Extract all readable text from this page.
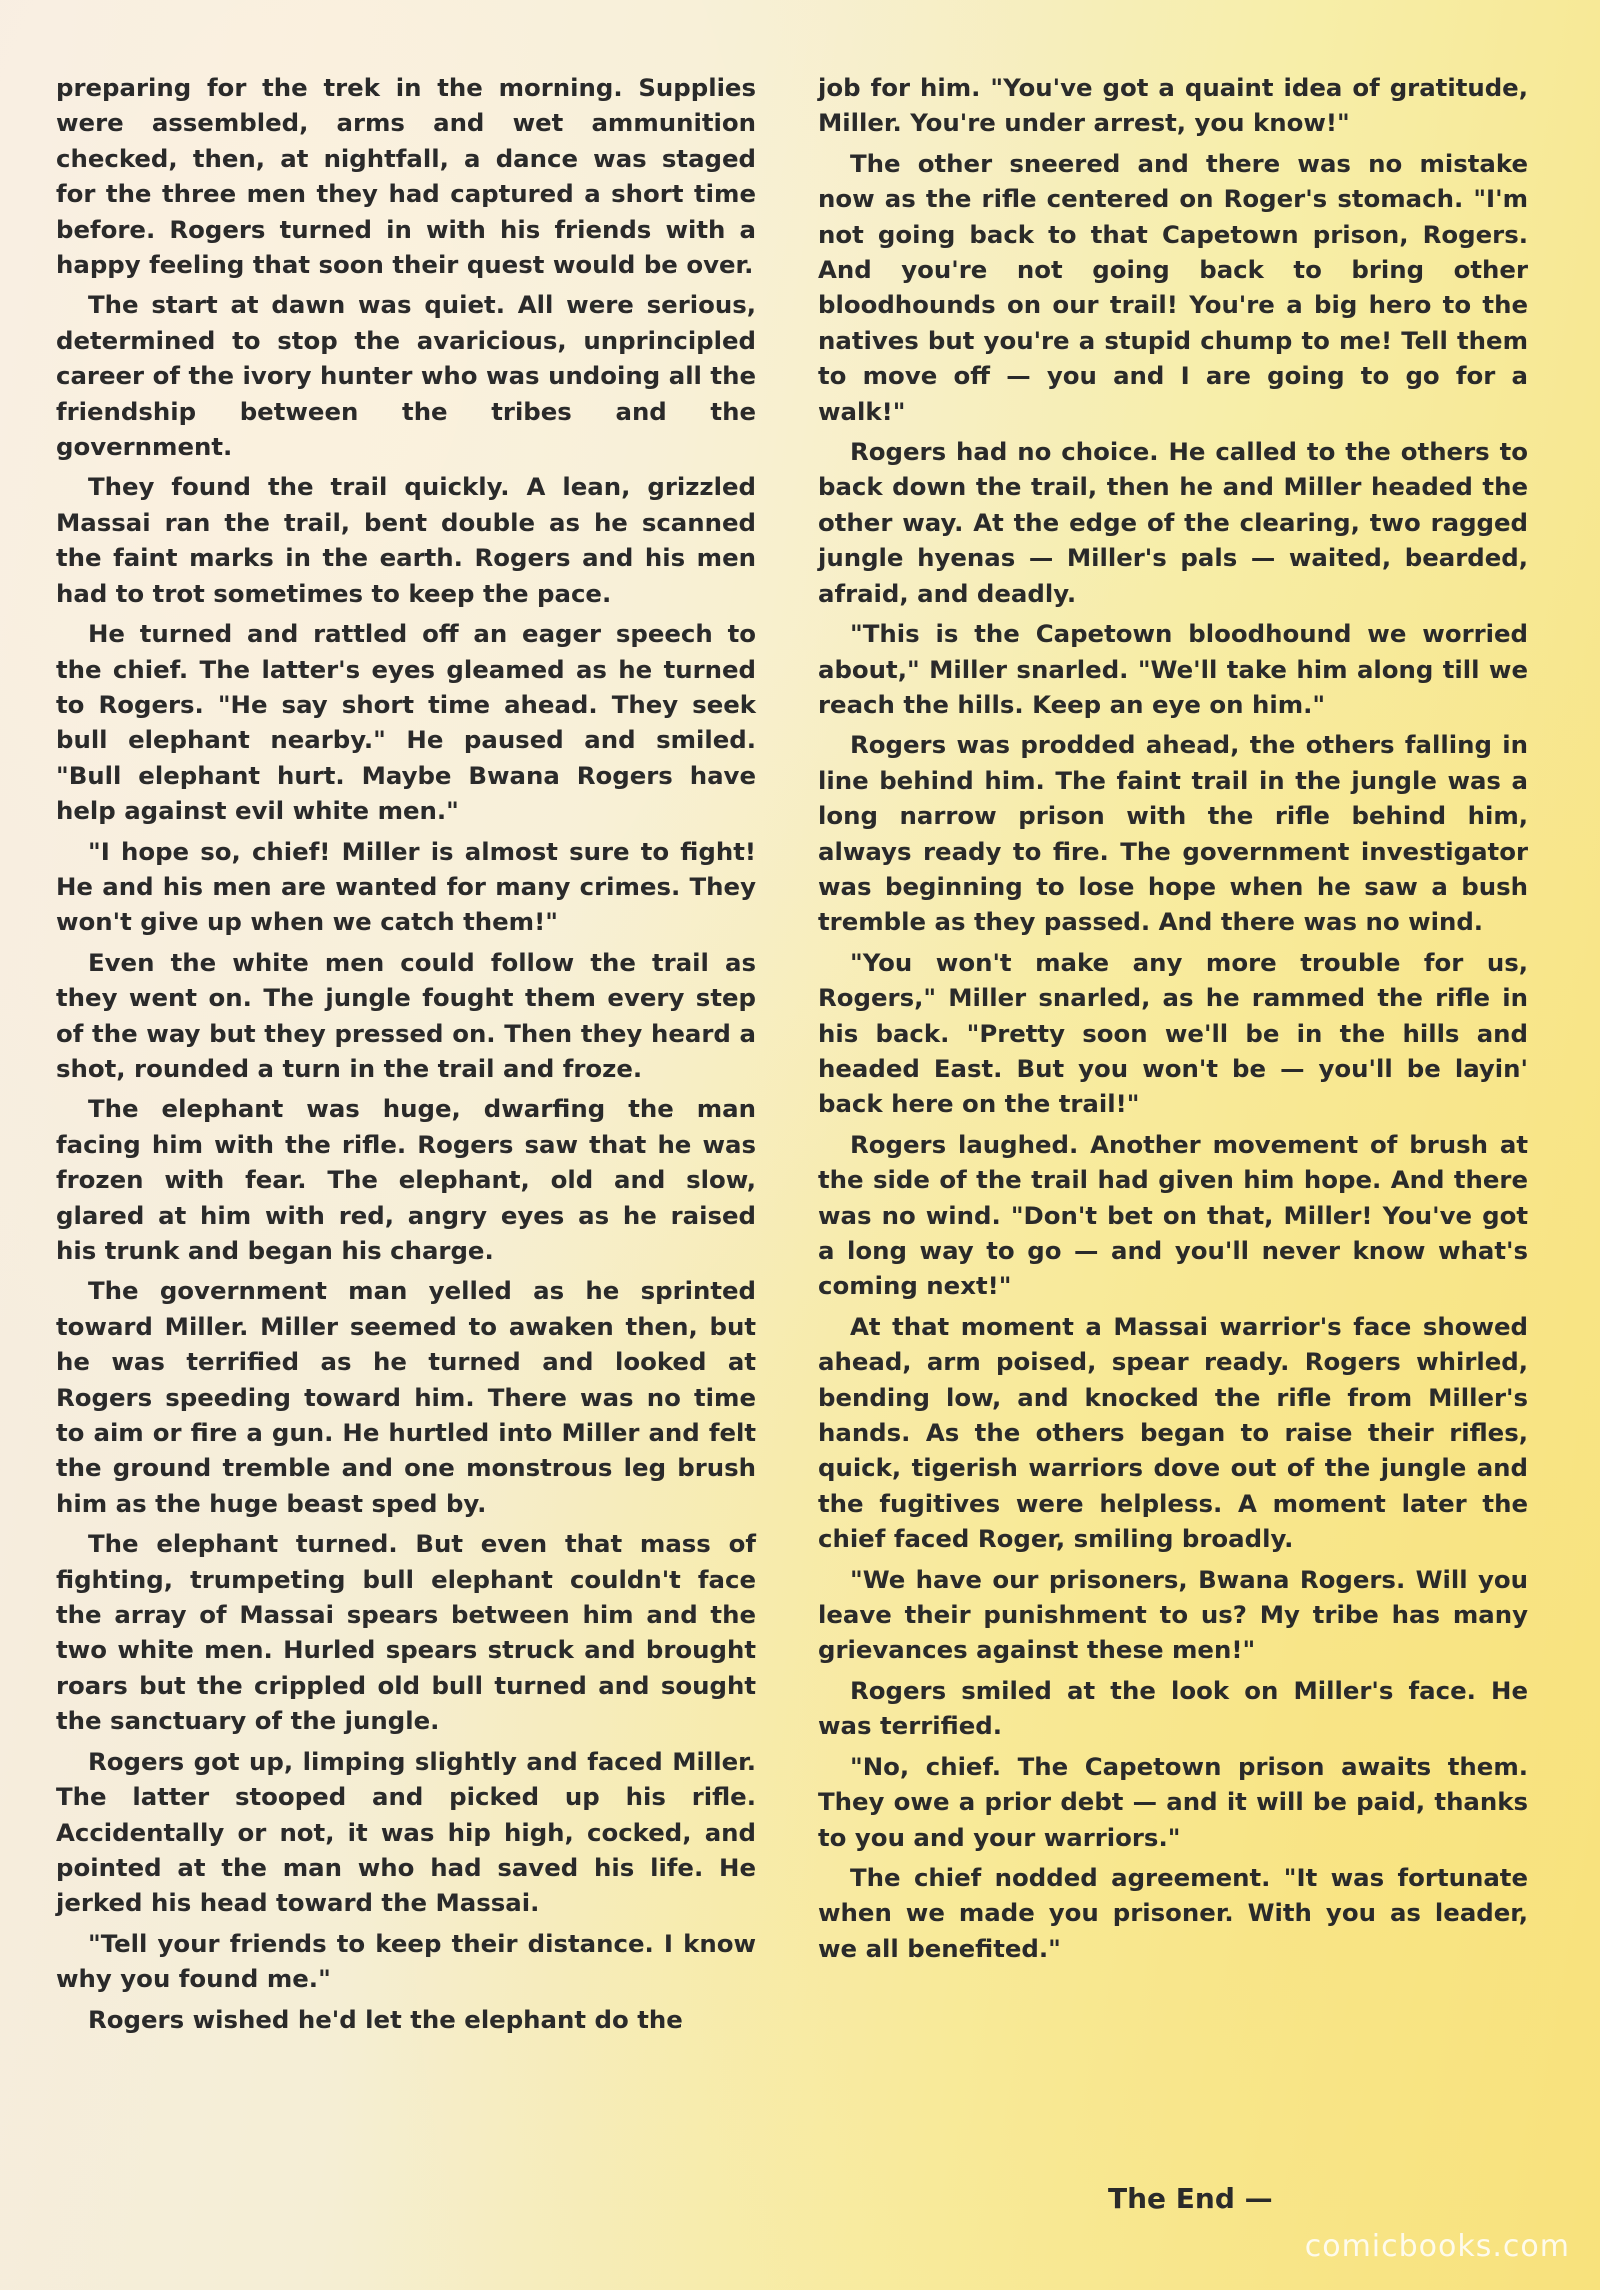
preparing for the trek in the morning. Supplies were assembled, arms and wet ammunition checked, then, at nightfall, a dance was staged for the three men they had captured a short time before. Rogers turned in with his friends with a happy feeling that soon their quest would be over.

The start at dawn was quiet. All were serious, determined to stop the avaricious, unprincipled career of the ivory hunter who was undoing all the friendship between the tribes and the government.

They found the trail quickly. A lean, grizzled Massai ran the trail, bent double as he scanned the faint marks in the earth. Rogers and his men had to trot sometimes to keep the pace.

He turned and rattled off an eager speech to the chief. The latter's eyes gleamed as he turned to Rogers. "He say short time ahead. They seek bull elephant nearby." He paused and smiled. "Bull elephant hurt. Maybe Bwana Rogers have help against evil white men."

"I hope so, chief! Miller is almost sure to fight! He and his men are wanted for many crimes. They won't give up when we catch them!"

Even the white men could follow the trail as they went on. The jungle fought them every step of the way but they pressed on. Then they heard a shot, rounded a turn in the trail and froze.

The elephant was huge, dwarfing the man facing him with the rifle. Rogers saw that he was frozen with fear. The elephant, old and slow, glared at him with red, angry eyes as he raised his trunk and began his charge.

The government man yelled as he sprinted toward Miller. Miller seemed to awaken then, but he was terrified as he turned and looked at Rogers speeding toward him. There was no time to aim or fire a gun. He hurtled into Miller and felt the ground tremble and one monstrous leg brush him as the huge beast sped by.

The elephant turned. But even that mass of fighting, trumpeting bull elephant couldn't face the array of Massai spears between him and the two white men. Hurled spears struck and brought roars but the crippled old bull turned and sought the sanctuary of the jungle.

Rogers got up, limping slightly and faced Miller. The latter stooped and picked up his rifle. Accidentally or not, it was hip high, cocked, and pointed at the man who had saved his life. He jerked his head toward the Massai.

"Tell your friends to keep their distance. I know why you found me."

Rogers wished he'd let the elephant do the

job for him. "You've got a quaint idea of gratitude, Miller. You're under arrest, you know!"

The other sneered and there was no mistake now as the rifle centered on Roger's stomach. "I'm not going back to that Capetown prison, Rogers. And you're not going back to bring other bloodhounds on our trail! You're a big hero to the natives but you're a stupid chump to me! Tell them to move off — you and I are going to go for a walk!"

Rogers had no choice. He called to the others to back down the trail, then he and Miller headed the other way. At the edge of the clearing, two ragged jungle hyenas — Miller's pals — waited, bearded, afraid, and deadly.

"This is the Capetown bloodhound we worried about," Miller snarled. "We'll take him along till we reach the hills. Keep an eye on him."

Rogers was prodded ahead, the others falling in line behind him. The faint trail in the jungle was a long narrow prison with the rifle behind him, always ready to fire. The government investigator was beginning to lose hope when he saw a bush tremble as they passed. And there was no wind.

"You won't make any more trouble for us, Rogers," Miller snarled, as he rammed the rifle in his back. "Pretty soon we'll be in the hills and headed East. But you won't be — you'll be layin' back here on the trail!"

Rogers laughed. Another movement of brush at the side of the trail had given him hope. And there was no wind. "Don't bet on that, Miller! You've got a long way to go — and you'll never know what's coming next!"

At that moment a Massai warrior's face showed ahead, arm poised, spear ready. Rogers whirled, bending low, and knocked the rifle from Miller's hands. As the others began to raise their rifles, quick, tigerish warriors dove out of the jungle and the fugitives were helpless. A moment later the chief faced Roger, smiling broadly.

"We have our prisoners, Bwana Rogers. Will you leave their punishment to us? My tribe has many grievances against these men!"

Rogers smiled at the look on Miller's face. He was terrified.

"No, chief. The Capetown prison awaits them. They owe a prior debt — and it will be paid, thanks to you and your warriors."

The chief nodded agreement. "It was fortunate when we made you prisoner. With you as leader, we all benefited."

The End —
comicbooks.com
